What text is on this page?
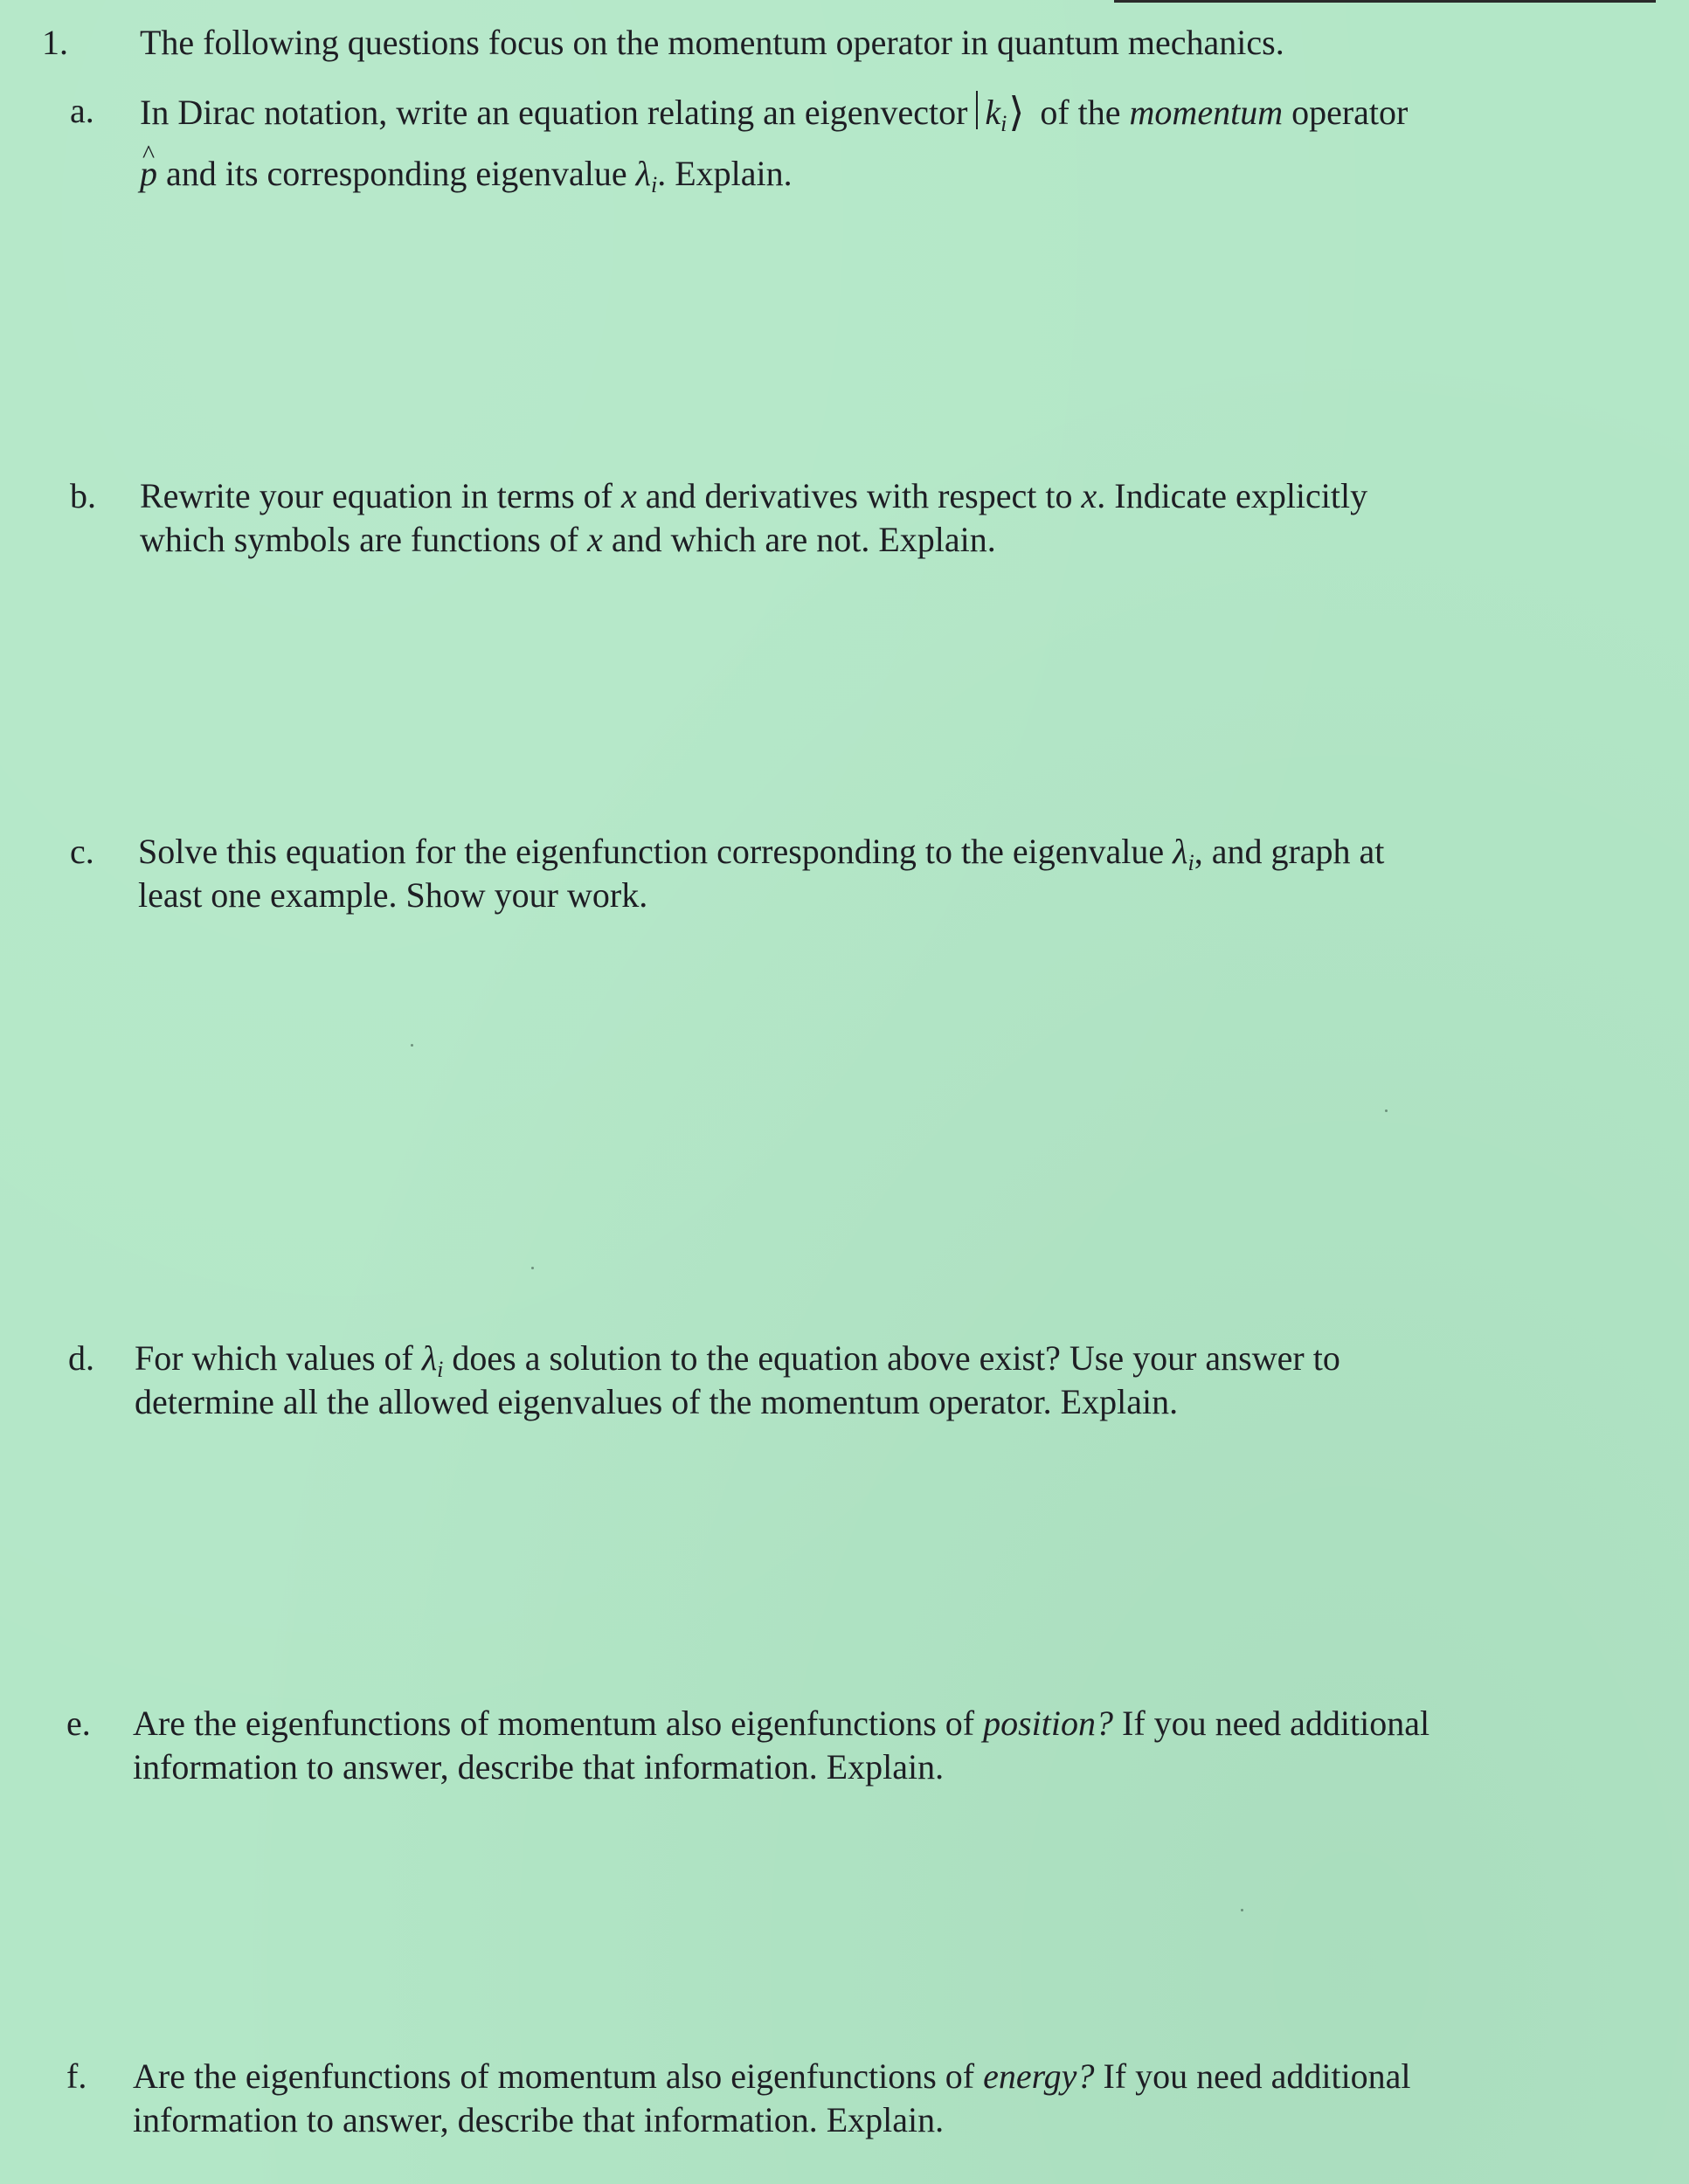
1. The following questions focus on the momentum operator in quantum mechanics.
a.	In Dirac notation, write an equation relating an eigenvector $k_i⟩$ of the momentum operator
^ p and its corresponding eigenvalue $\lambda_i$. Explain.
b.	Rewrite your equation in terms of x and derivatives with respect to x. Indicate explicitly
which symbols are functions of x and which are not. Explain.
c.	Solve this equation for the eigenfunction corresponding to the eigenvalue $\lambda_i$, and graph at
least one example. Show your work.
d.	For which values of $\lambda_i$ does a solution to the equation above exist? Use your answer to
determine all the allowed eigenvalues of the momentum operator. Explain.
e.	Are the eigenfunctions of momentum also eigenfunctions of position? If you need additional
information to answer, describe that information. Explain.
f.	Are the eigenfunctions of momentum also eigenfunctions of energy? If you need additional
information to answer, describe that information. Explain.
